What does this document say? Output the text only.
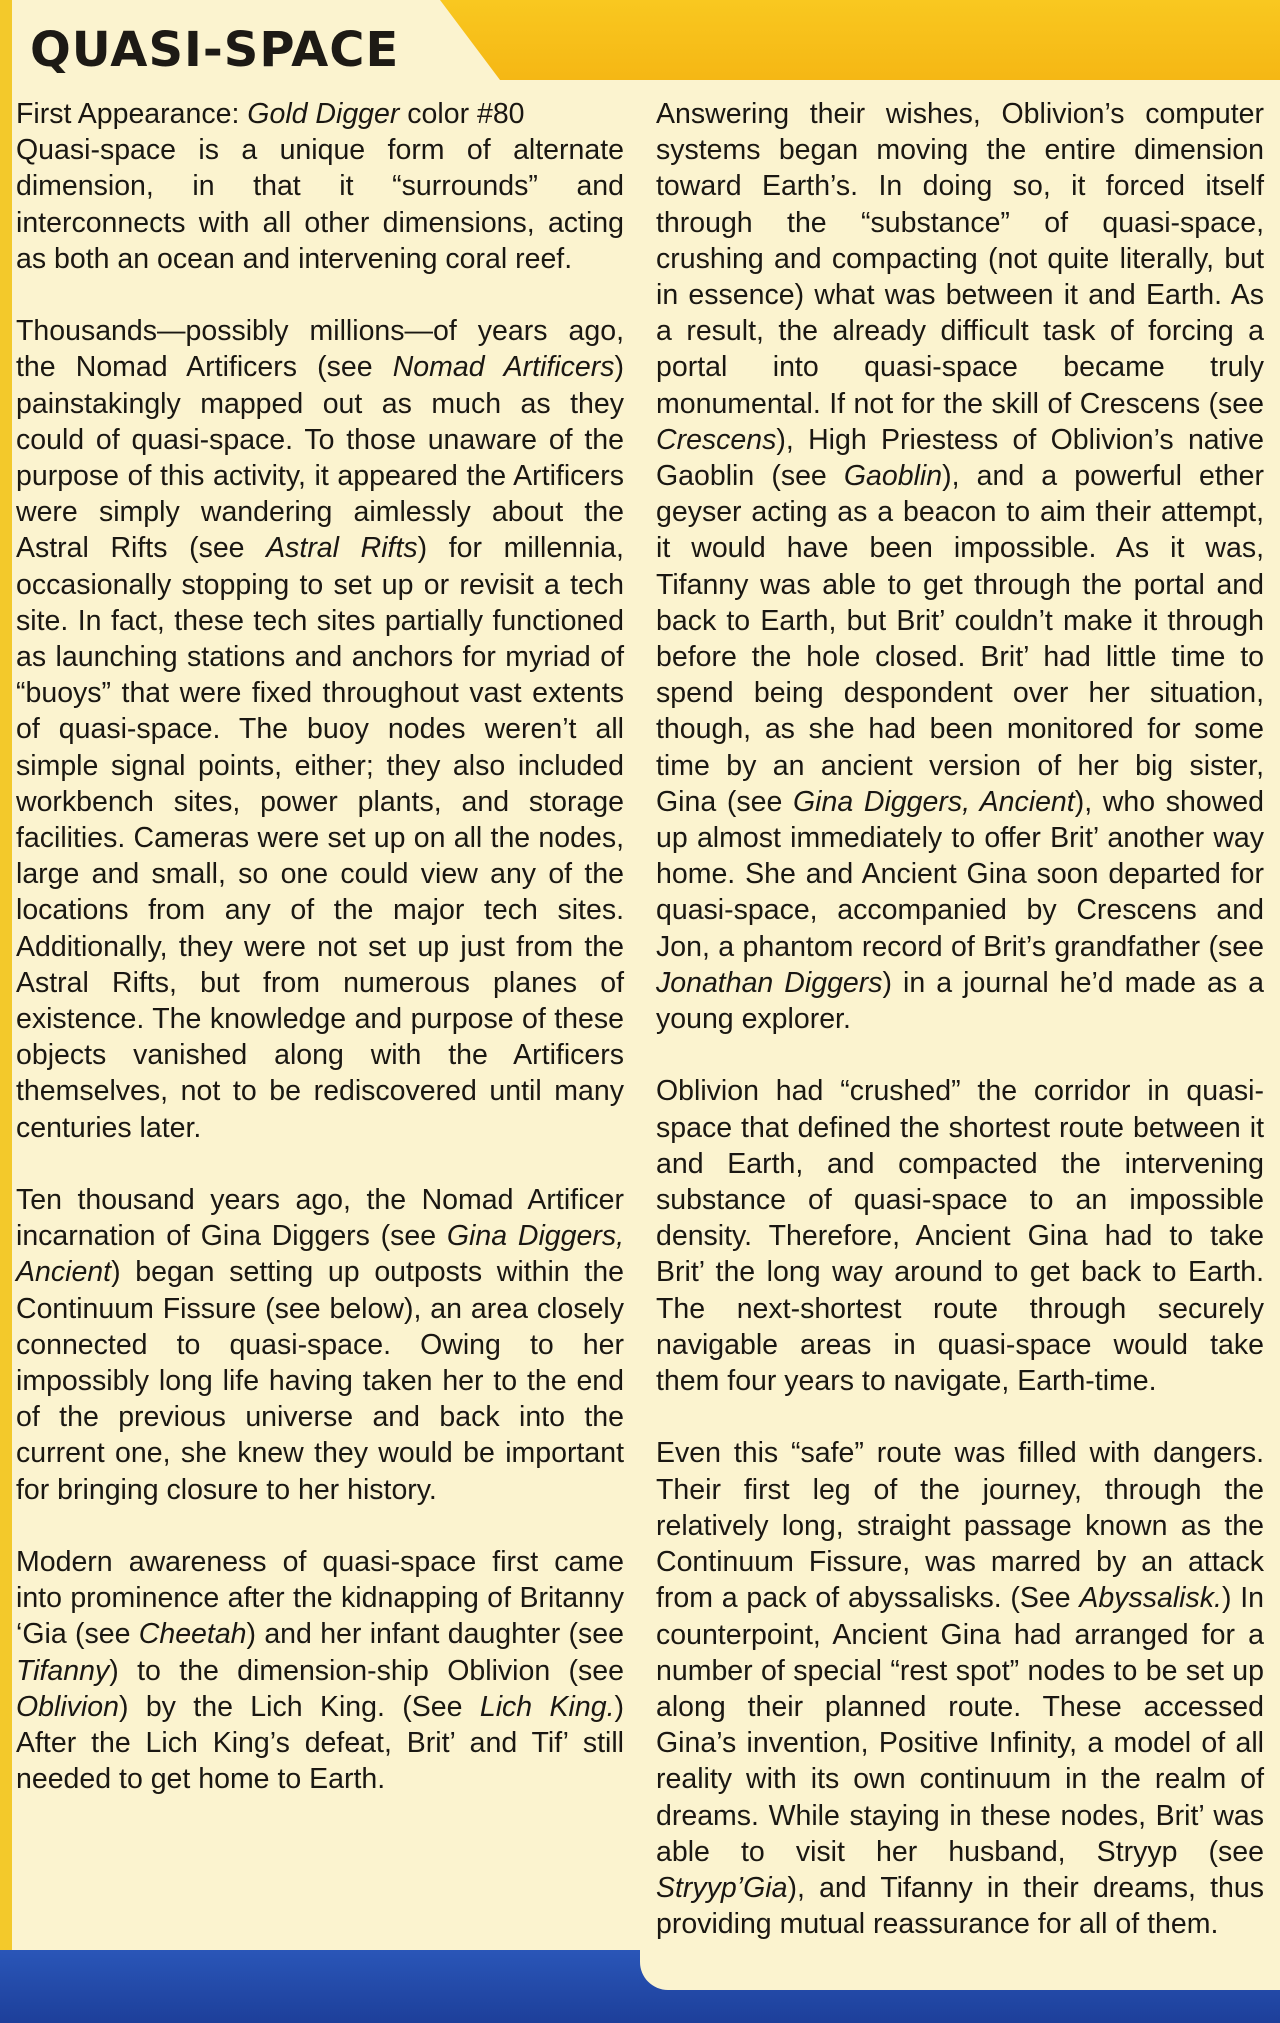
QUASI-SPACE

First Appearance: Gold Digger color #80

Quasi-space is a unique form of alternate dimension, in that it “surrounds” and interconnects with all other dimensions, acting as both an ocean and intervening coral reef.

Thousands—possibly millions—of years ago, the Nomad Artificers (see Nomad Artificers) painstakingly mapped out as much as they could of quasi-space. To those unaware of the purpose of this activity, it appeared the Artificers were simply wandering aimlessly about the Astral Rifts (see Astral Rifts) for millennia, occasionally stopping to set up or revisit a tech site. In fact, these tech sites partially functioned as launching stations and anchors for myriad of “buoys” that were fixed throughout vast extents of quasi-space. The buoy nodes weren’t all simple signal points, either; they also included workbench sites, power plants, and storage facilities. Cameras were set up on all the nodes, large and small, so one could view any of the locations from any of the major tech sites. Additionally, they were not set up just from the Astral Rifts, but from numerous planes of existence. The knowledge and purpose of these objects vanished along with the Artificers themselves, not to be rediscovered until many centuries later.

Ten thousand years ago, the Nomad Artificer incarnation of Gina Diggers (see Gina Diggers, Ancient) began setting up outposts within the Continuum Fissure (see below), an area closely connected to quasi-space. Owing to her impossibly long life having taken her to the end of the previous universe and back into the current one, she knew they would be important for bringing closure to her history.

Modern awareness of quasi-space first came into prominence after the kidnapping of Britanny ‘Gia (see Cheetah) and her infant daughter (see Tifanny) to the dimension-ship Oblivion (see Oblivion) by the Lich King. (See Lich King.) After the Lich King’s defeat, Brit’ and Tif’ still needed to get home to Earth.

Answering their wishes, Oblivion’s computer systems began moving the entire dimension toward Earth’s. In doing so, it forced itself through the “substance” of quasi-space, crushing and compacting (not quite literally, but in essence) what was between it and Earth. As a result, the already difficult task of forcing a portal into quasi-space became truly monumental. If not for the skill of Crescens (see Crescens), High Priestess of Oblivion’s native Gaoblin (see Gaoblin), and a powerful ether geyser acting as a beacon to aim their attempt, it would have been impossible. As it was, Tifanny was able to get through the portal and back to Earth, but Brit’ couldn’t make it through before the hole closed. Brit’ had little time to spend being despondent over her situation, though, as she had been monitored for some time by an ancient version of her big sister, Gina (see Gina Diggers, Ancient), who showed up almost immediately to offer Brit’ another way home. She and Ancient Gina soon departed for quasi-space, accompanied by Crescens and Jon, a phantom record of Brit’s grandfather (see Jonathan Diggers) in a journal he’d made as a young explorer.

Oblivion had “crushed” the corridor in quasi-space that defined the shortest route between it and Earth, and compacted the intervening substance of quasi-space to an impossible density. Therefore, Ancient Gina had to take Brit’ the long way around to get back to Earth. The next-shortest route through securely navigable areas in quasi-space would take them four years to navigate, Earth-time.

Even this “safe” route was filled with dangers. Their first leg of the journey, through the relatively long, straight passage known as the Continuum Fissure, was marred by an attack from a pack of abyssalisks. (See Abyssalisk.) In counterpoint, Ancient Gina had arranged for a number of special “rest spot” nodes to be set up along their planned route. These accessed Gina’s invention, Positive Infinity, a model of all reality with its own continuum in the realm of dreams. While staying in these nodes, Brit’ was able to visit her husband, Stryyp (see Stryyp’Gia), and Tifanny in their dreams, thus providing mutual reassurance for all of them.
